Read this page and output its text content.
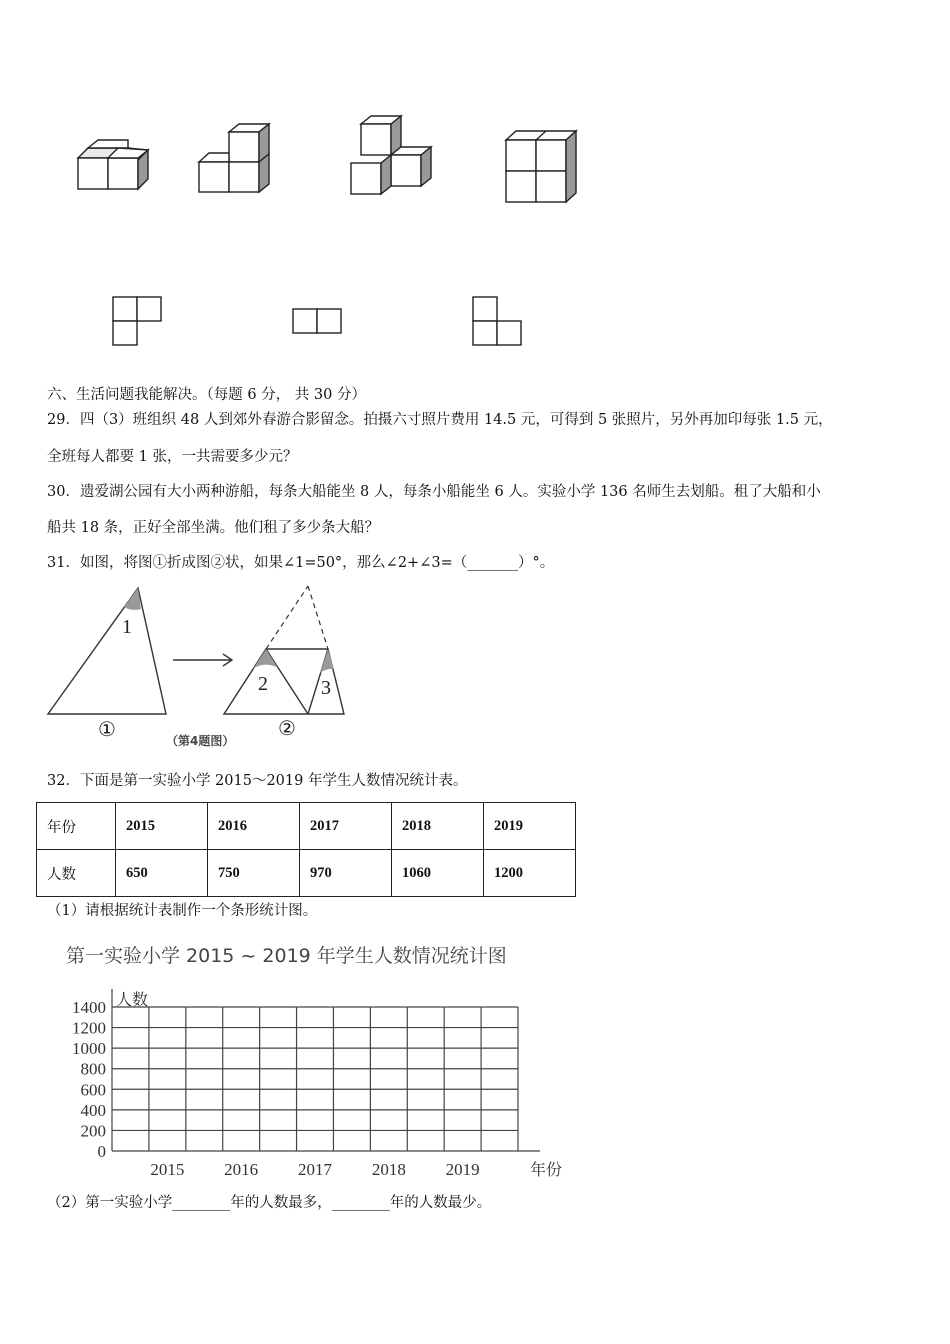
六、生活问题我能解决。（每题 6 分， 共 30 分）
29．四（3）班组织 48 人到郊外春游合影留念。拍摄六寸照片费用 14.5 元，可得到 5 张照片，另外再加印每张 1.5 元，
全班每人都要 1 张，一共需要多少元？
30．遗爱湖公园有大小两种游船，每条大船能坐 8 人，每条小船能坐 6 人。实验小学 136 名师生去划船。租了大船和小
船共 18 条，正好全部坐满。他们租了多少条大船？
31．如图，将图①折成图②状，如果∠1=50°，那么∠2+∠3=（_______）°。
1
2	3
①	（第4题图）
②
32．下面是第一实验小学 2015～2019 年学生人数情况统计表。
年份	2015	2016	2017	2018	2019
人数	650	750	970	1060	1200
（1）请根据统计表制作一个条形统计图。
第一实验小学 2015 ~ 2019 年学生人数情况统计图
0
200
400
600
800
1000
1200
1400 人数
2015 2016 2017 2018 2019	年份
（2）第一实验小学________年的人数最多，________年的人数最少。
